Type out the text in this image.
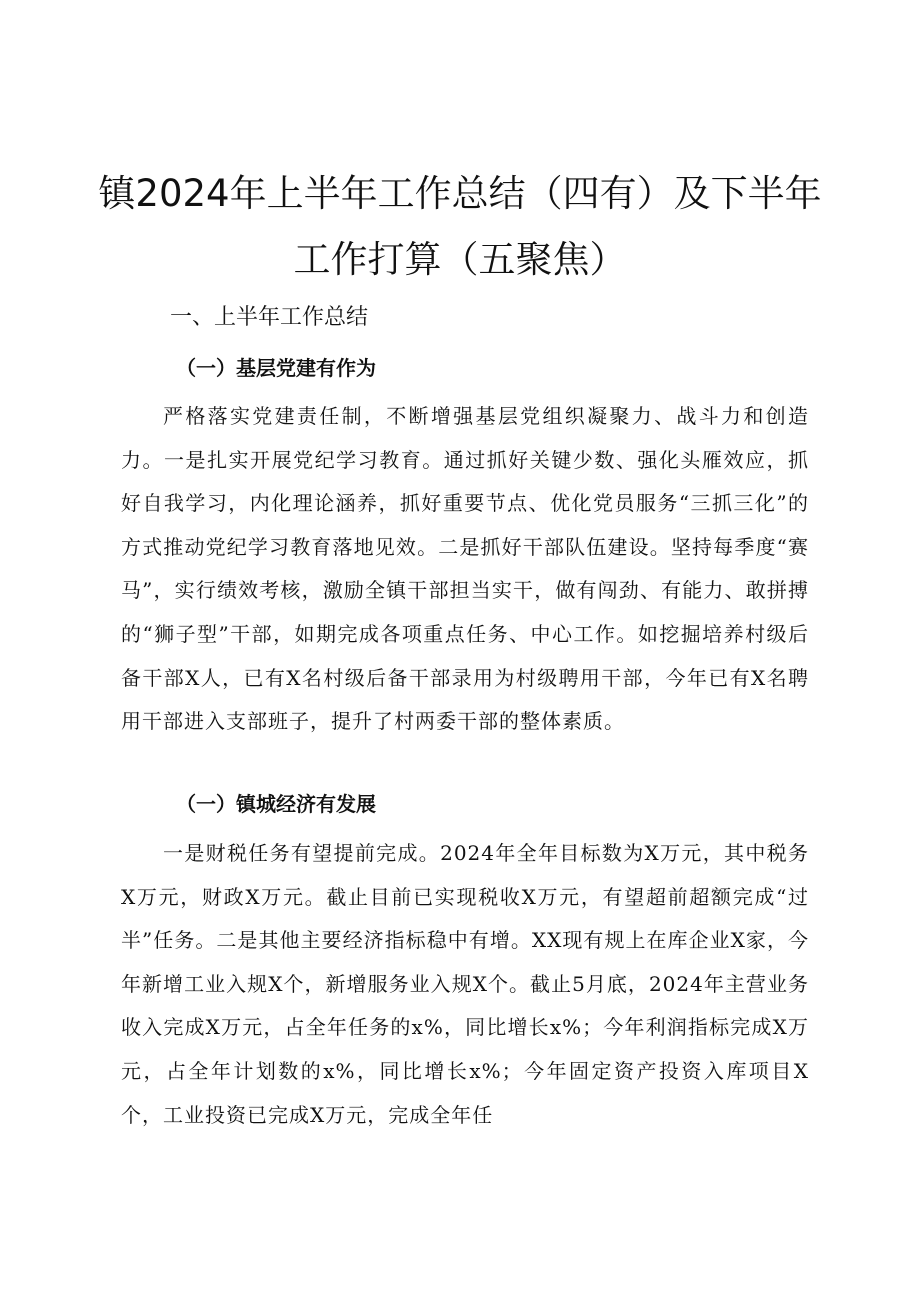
镇2024年上半年工作总结（四有）及下半年
工作打算（五聚焦）
一、上半年工作总结
（一）基层党建有作为

严格落实党建责任制，不断增强基层党组织凝聚力、战斗力和创造力。一是扎实开展党纪学习教育。通过抓好关键少数、强化头雁效应，抓好自我学习，内化理论涵养，抓好重要节点、优化党员服务“三抓三化”的方式推动党纪学习教育落地见效。二是抓好干部队伍建设。坚持每季度“赛马”，实行绩效考核，激励全镇干部担当实干，做有闯劲、有能力、敢拼搏的“狮子型”干部，如期完成各项重点任务、中心工作。如挖掘培养村级后备干部X人，已有X名村级后备干部录用为村级聘用干部，今年已有X名聘用干部进入支部班子，提升了村两委干部的整体素质。

（一）镇城经济有发展

一是财税任务有望提前完成。2024年全年目标数为X万元，其中税务X万元，财政X万元。截止目前已实现税收X万元，有望超前超额完成“过半”任务。二是其他主要经济指标稳中有增。XX现有规上在库企业X家，今年新增工业入规X个，新增服务业入规X个。截止5月底，2024年主营业务收入完成X万元，占全年任务的x%，同比增长x%；今年利润指标完成X万元，占全年计划数的x%，同比增长x%；今年固定资产投资入库项目X个，工业投资已完成X万元，完成全年任
